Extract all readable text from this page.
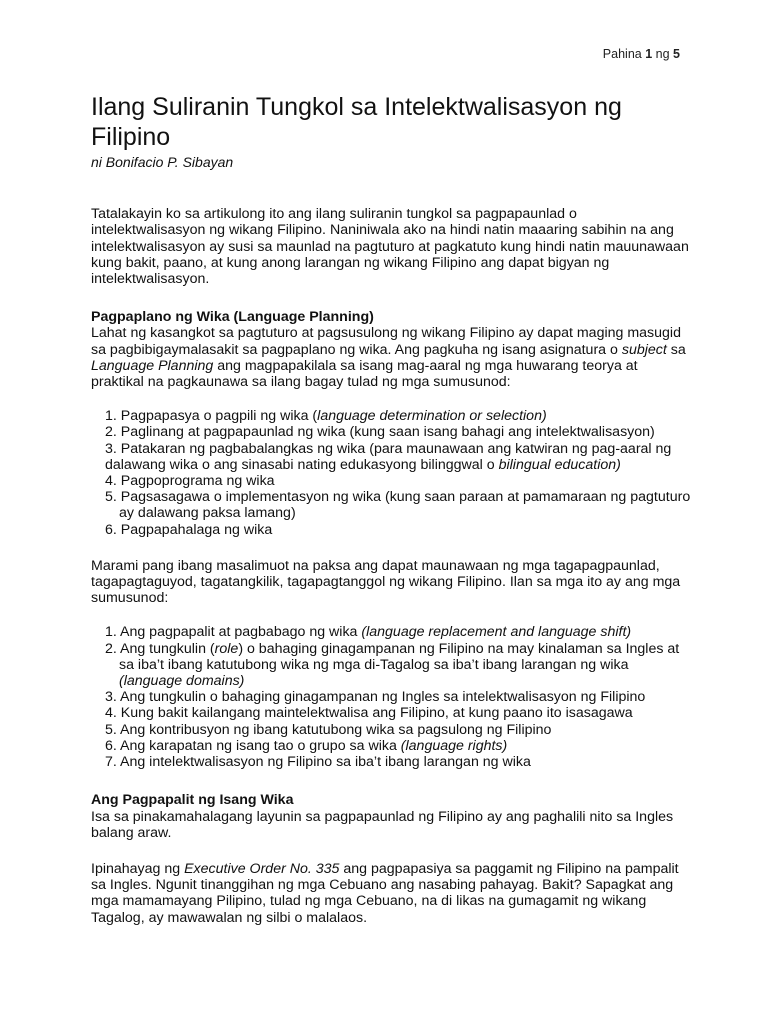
Pahina 1 ng 5
Ilang Suliranin Tungkol sa Intelektwalisasyon ng Filipino

ni Bonifacio P. Sibayan

Tatalakayin ko sa artikulong ito ang ilang suliranin tungkol sa pagpapaunlad o intelektwalisasyon ng wikang Filipino. Naniniwala ako na hindi natin maaaring sabihin na ang intelektwalisasyon ay susi sa maunlad na pagtuturo at pagkatuto kung hindi natin mauunawaan kung bakit, paano, at kung anong larangan ng wikang Filipino ang dapat bigyan ng intelektwalisasyon.

Pagpaplano ng Wika (Language Planning)

Lahat ng kasangkot sa pagtuturo at pagsusulong ng wikang Filipino ay dapat maging masugid sa pagbibigaymalasakit sa pagpaplano ng wika. Ang pagkuha ng isang asignatura o subject sa Language Planning ang magpapakilala sa isang mag-aaral ng mga huwarang teorya at praktikal na pagkaunawa sa ilang bagay tulad ng mga sumusunod:

1. Pagpapasya o pagpili ng wika (language determination or selection)
2. Paglinang at pagpapaunlad ng wika (kung saan isang bahagi ang intelektwalisasyon)
3. Patakaran ng pagbabalangkas ng wika (para maunawaan ang katwiran ng pag-aaral ng dalawang wika o ang sinasabi nating edukasyong bilinggwal o bilingual education)
4. Pagpoprograma ng wika
5. Pagsasagawa o implementasyon ng wika (kung saan paraan at pamamaraan ng pagtuturo ay dalawang paksa lamang)
6. Pagpapahalaga ng wika

Marami pang ibang masalimuot na paksa ang dapat maunawaan ng mga tagapagpaunlad, tagapagtaguyod, tagatangkilik, tagapagtanggol ng wikang Filipino. Ilan sa mga ito ay ang mga sumusunod:

1. Ang pagpapalit at pagbabago ng wika (language replacement and language shift)
2. Ang tungkulin (role) o bahaging ginagampanan ng Filipino na may kinalaman sa Ingles at sa iba’t ibang katutubong wika ng mga di-Tagalog sa iba’t ibang larangan ng wika (language domains)
3. Ang tungkulin o bahaging ginagampanan ng Ingles sa intelektwalisasyon ng Filipino
4. Kung bakit kailangang maintelektwalisa ang Filipino, at kung paano ito isasagawa
5. Ang kontribusyon ng ibang katutubong wika sa pagsulong ng Filipino
6. Ang karapatan ng isang tao o grupo sa wika (language rights)
7. Ang intelektwalisasyon ng Filipino sa iba’t ibang larangan ng wika

Ang Pagpapalit ng Isang Wika

Isa sa pinakamahalagang layunin sa pagpapaunlad ng Filipino ay ang paghalili nito sa Ingles balang araw.

Ipinahayag ng Executive Order No. 335 ang pagpapasiya sa paggamit ng Filipino na pampalit sa Ingles. Ngunit tinanggihan ng mga Cebuano ang nasabing pahayag. Bakit? Sapagkat ang mga mamamayang Pilipino, tulad ng mga Cebuano, na di likas na gumagamit ng wikang Tagalog, ay mawawalan ng silbi o malalaos.
